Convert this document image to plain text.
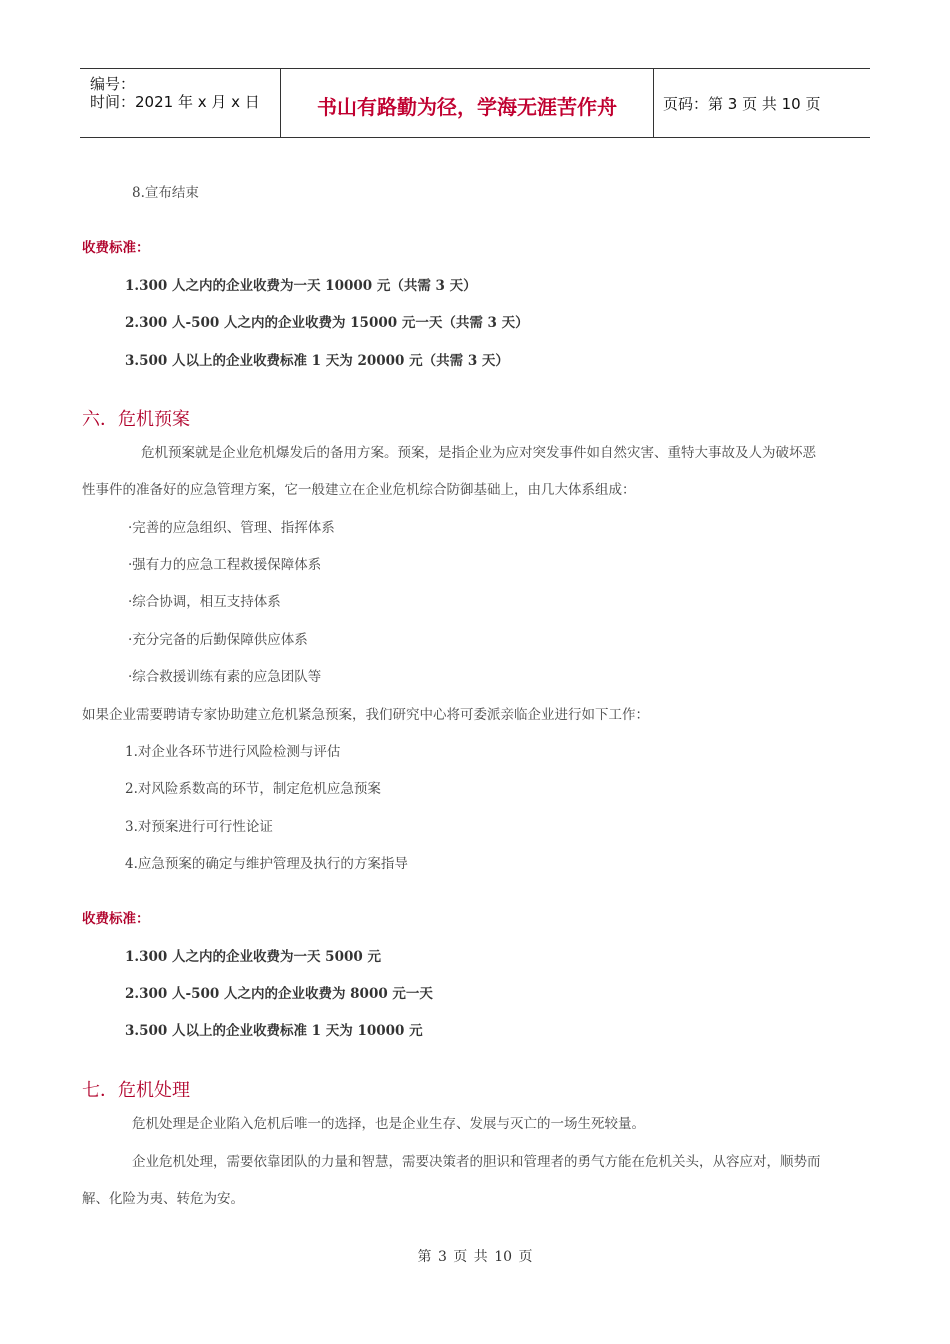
编号：
时间：2021 年 x 月 x 日	书山有路勤为径，学海无涯苦作舟	页码：第 3 页 共 10 页
8.宣布结束
收费标准：
1.300 人之内的企业收费为一天 10000 元（共需 3 天）
2.300 人-500 人之内的企业收费为 15000 元一天（共需 3 天）
3.500 人以上的企业收费标准 1 天为 20000 元（共需 3 天）
六．危机预案
危机预案就是企业危机爆发后的备用方案。预案，是指企业为应对突发事件如自然灾害、重特大事故及人为破坏恶
性事件的准备好的应急管理方案，它一般建立在企业危机综合防御基础上，由几大体系组成：
·完善的应急组织、管理、指挥体系
·强有力的应急工程救援保障体系
·综合协调，相互支持体系
·充分完备的后勤保障供应体系
·综合救援训练有素的应急团队等
如果企业需要聘请专家协助建立危机紧急预案，我们研究中心将可委派亲临企业进行如下工作：
1.对企业各环节进行风险检测与评估
2.对风险系数高的环节，制定危机应急预案
3.对预案进行可行性论证
4.应急预案的确定与维护管理及执行的方案指导
收费标准：
1.300 人之内的企业收费为一天 5000 元
2.300 人-500 人之内的企业收费为 8000 元一天
3.500 人以上的企业收费标准 1 天为 10000 元
七．危机处理
危机处理是企业陷入危机后唯一的选择，也是企业生存、发展与灭亡的一场生死较量。
企业危机处理，需要依靠团队的力量和智慧，需要决策者的胆识和管理者的勇气方能在危机关头，从容应对，顺势而
解、化险为夷、转危为安。
第 3 页 共 10 页
